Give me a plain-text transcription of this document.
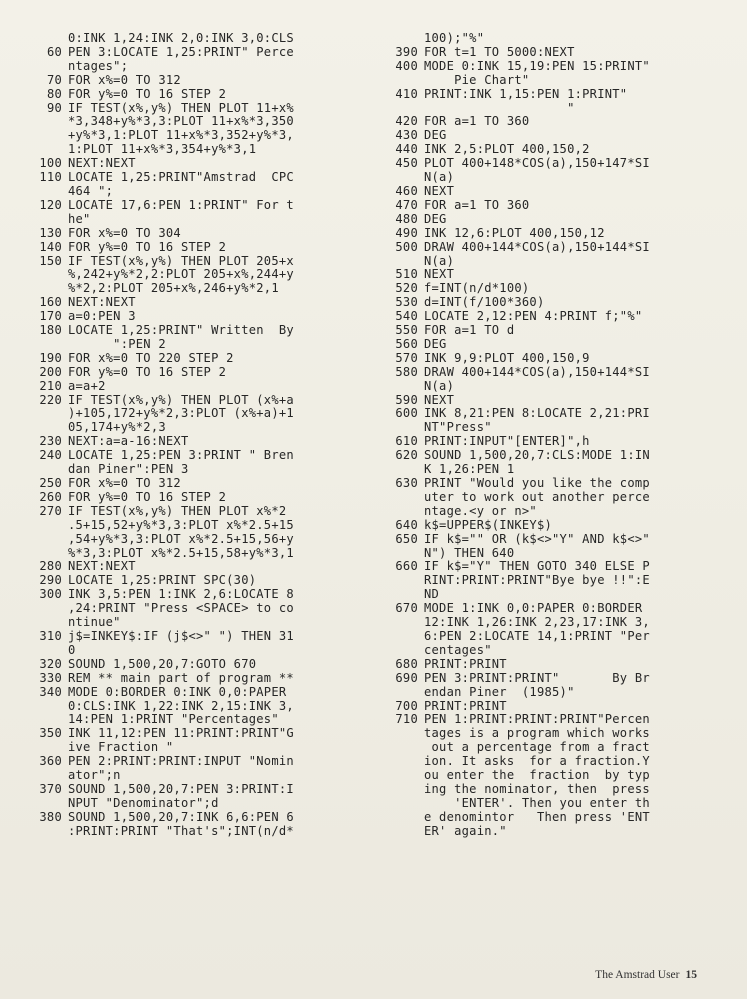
0:INK 1,24:INK 2,0:INK 3,0:CLS
60 PEN 3:LOCATE 1,25:PRINT" Perce
ntages";
70 FOR x%=0 TO 312
80 FOR y%=0 TO 16 STEP 2
90 IF TEST(x%,y%) THEN PLOT 11+x%
*3,348+y%*3,3:PLOT 11+x%*3,350
+y%*3,1:PLOT 11+x%*3,352+y%*3,
1:PLOT 11+x%*3,354+y%*3,1
100 NEXT:NEXT
110 LOCATE 1,25:PRINT"Amstrad  CPC
464 ";
120 LOCATE 17,6:PEN 1:PRINT" For t
he"
130 FOR x%=0 TO 304
140 FOR y%=0 TO 16 STEP 2
150 IF TEST(x%,y%) THEN PLOT 205+x
%,242+y%*2,2:PLOT 205+x%,244+y
%*2,2:PLOT 205+x%,246+y%*2,1
160 NEXT:NEXT
170 a=0:PEN 3
180 LOCATE 1,25:PRINT" Written  By
":PEN 2
190 FOR x%=0 TO 220 STEP 2
200 FOR y%=0 TO 16 STEP 2
210 a=a+2
220 IF TEST(x%,y%) THEN PLOT (x%+a
)+105,172+y%*2,3:PLOT (x%+a)+1
05,174+y%*2,3
230 NEXT:a=a-16:NEXT
240 LOCATE 1,25:PEN 3:PRINT " Bren
dan Piner":PEN 3
250 FOR x%=0 TO 312
260 FOR y%=0 TO 16 STEP 2
270 IF TEST(x%,y%) THEN PLOT x%*2
.5+15,52+y%*3,3:PLOT x%*2.5+15
,54+y%*3,3:PLOT x%*2.5+15,56+y
%*3,3:PLOT x%*2.5+15,58+y%*3,1
280 NEXT:NEXT
290 LOCATE 1,25:PRINT SPC(30)
300 INK 3,5:PEN 1:INK 2,6:LOCATE 8
,24:PRINT "Press <SPACE> to co
ntinue"
310 j$=INKEY$:IF (j$<>" ") THEN 31
0
320 SOUND 1,500,20,7:GOTO 670
330 REM ** main part of program **
340 MODE 0:BORDER 0:INK 0,0:PAPER
0:CLS:INK 1,22:INK 2,15:INK 3,
14:PEN 1:PRINT "Percentages"
350 INK 11,12:PEN 11:PRINT:PRINT"G
ive Fraction "
360 PEN 2:PRINT:PRINT:INPUT "Nomin
ator";n
370 SOUND 1,500,20,7:PEN 3:PRINT:I
NPUT "Denominator";d
380 SOUND 1,500,20,7:INK 6,6:PEN 6
:PRINT:PRINT "That's";INT(n/d*
100);"%"
390 FOR t=1 TO 5000:NEXT
400 MODE 0:INK 15,19:PEN 15:PRINT"
Pie Chart"
410 PRINT:INK 1,15:PEN 1:PRINT"
"
420 FOR a=1 TO 360
430 DEG
440 INK 2,5:PLOT 400,150,2
450 PLOT 400+148*COS(a),150+147*SI
N(a)
460 NEXT
470 FOR a=1 TO 360
480 DEG
490 INK 12,6:PLOT 400,150,12
500 DRAW 400+144*COS(a),150+144*SI
N(a)
510 NEXT
520 f=INT(n/d*100)
530 d=INT(f/100*360)
540 LOCATE 2,12:PEN 4:PRINT f;"%"
550 FOR a=1 TO d
560 DEG
570 INK 9,9:PLOT 400,150,9
580 DRAW 400+144*COS(a),150+144*SI
N(a)
590 NEXT
600 INK 8,21:PEN 8:LOCATE 2,21:PRI
NT"Press"
610 PRINT:INPUT"[ENTER]",h
620 SOUND 1,500,20,7:CLS:MODE 1:IN
K 1,26:PEN 1
630 PRINT "Would you like the comp
uter to work out another perce
ntage.<y or n>"
640 k$=UPPER$(INKEY$)
650 IF k$="" OR (k$<>"Y" AND k$<>"
N") THEN 640
660 IF k$="Y" THEN GOTO 340 ELSE P
RINT:PRINT:PRINT"Bye bye !!":E
ND
670 MODE 1:INK 0,0:PAPER 0:BORDER
12:INK 1,26:INK 2,23,17:INK 3,
6:PEN 2:LOCATE 14,1:PRINT "Per
centages"
680 PRINT:PRINT
690 PEN 3:PRINT:PRINT"       By Br
endan Piner  (1985)"
700 PRINT:PRINT
710 PEN 1:PRINT:PRINT:PRINT"Percen
tages is a program which works
out a percentage from a fract
ion. It asks  for a fraction.Y
ou enter the  fraction  by typ
ing the nominator, then  press
'ENTER'. Then you enter th
e denomintor   Then press 'ENT
ER' again."
The Amstrad User 15
